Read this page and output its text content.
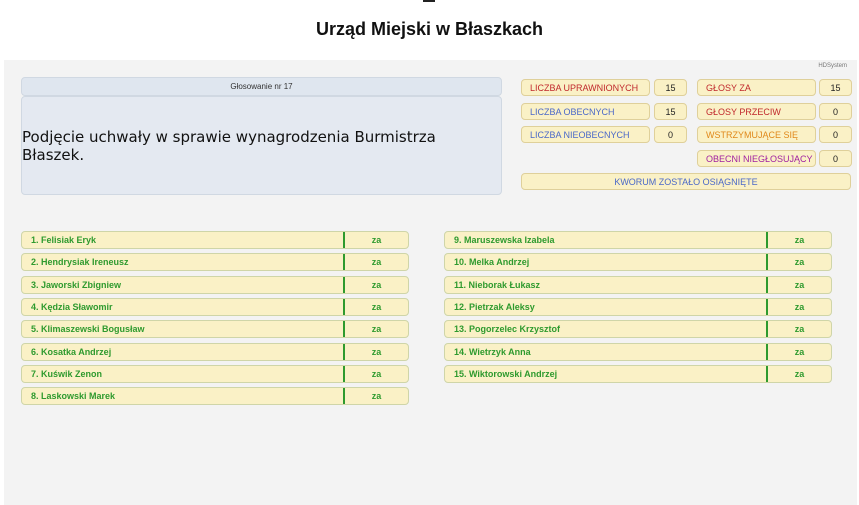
Urząd Miejski w Błaszkach
HDSystem
Głosowanie nr 17
Podjęcie uchwały w sprawie wynagrodzenia Burmistrza Błaszek.
LICZBA UPRAWNIONYCH	15
LICZBA OBECNYCH	15
LICZBA NIEOBECNYCH	0
GŁOSY ZA	15
GŁOSY PRZECIW	0
WSTRZYMUJĄCE SIĘ	0
OBECNI NIEGŁOSUJĄCY	0
KWORUM ZOSTAŁO OSIĄGNIĘTE
1. Felisiak Eryk	za
2. Hendrysiak Ireneusz	za
3. Jaworski Zbigniew	za
4. Kędzia Sławomir	za
5. Klimaszewski Bogusław	za
6. Kosatka Andrzej	za
7. Kuświk Zenon	za
8. Laskowski Marek	za
9. Maruszewska Izabela	za
10. Melka Andrzej	za
11. Nieborak Łukasz	za
12. Pietrzak Aleksy	za
13. Pogorzelec Krzysztof	za
14. Wietrzyk Anna	za
15. Wiktorowski Andrzej	za
